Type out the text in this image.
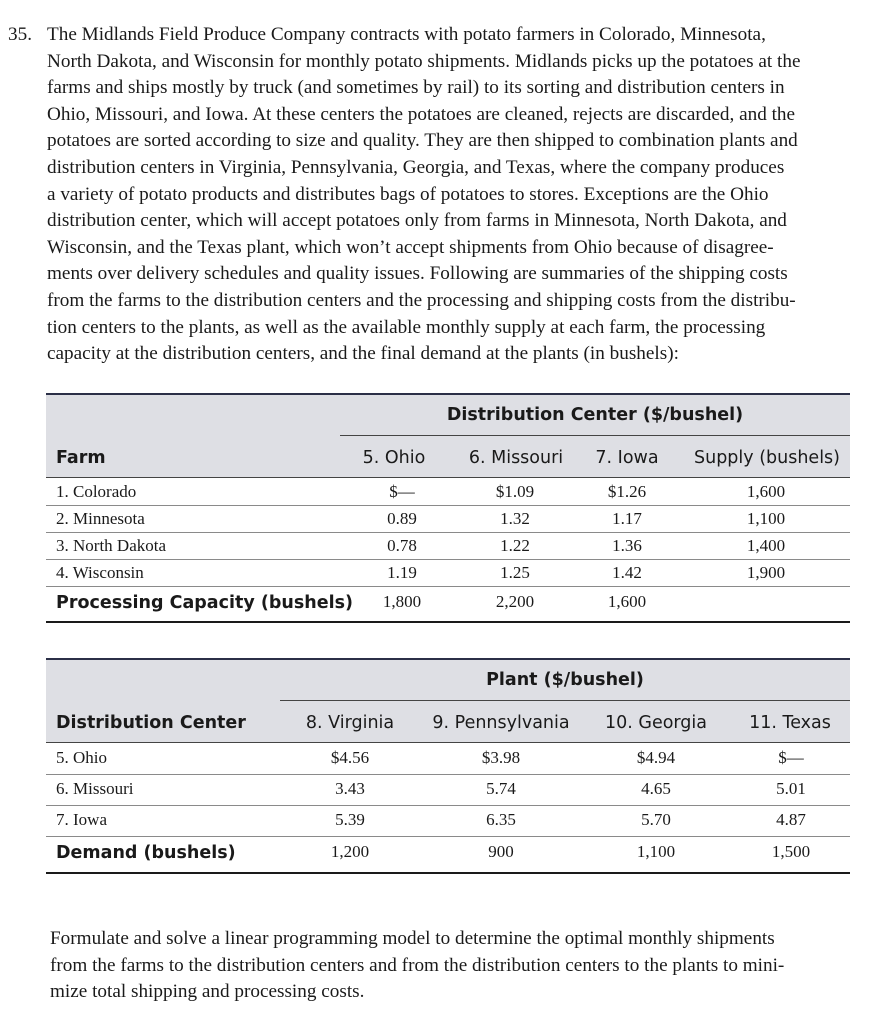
35. The Midlands Field Produce Company contracts with potato farmers in Colorado, Minnesota,
North Dakota, and Wisconsin for monthly potato shipments. Midlands picks up the potatoes at the
farms and ships mostly by truck (and sometimes by rail) to its sorting and distribution centers in
Ohio, Missouri, and Iowa. At these centers the potatoes are cleaned, rejects are discarded, and the
potatoes are sorted according to size and quality. They are then shipped to combination plants and
distribution centers in Virginia, Pennsylvania, Georgia, and Texas, where the company produces
a variety of potato products and distributes bags of potatoes to stores. Exceptions are the Ohio
distribution center, which will accept potatoes only from farms in Minnesota, North Dakota, and
Wisconsin, and the Texas plant, which won’t accept shipments from Ohio because of disagree-
ments over delivery schedules and quality issues. Following are summaries of the shipping costs
from the farms to the distribution centers and the processing and shipping costs from the distribu-
tion centers to the plants, as well as the available monthly supply at each farm, the processing
capacity at the distribution centers, and the final demand at the plants (in bushels):
Distribution Center ($/bushel)
Farm	5. Ohio 6. Missouri 7. Iowa Supply (bushels)
1. Colorado	$—	$1.09	$1.26	1,600
2. Minnesota	0.89	1.32	1.17	1,100
3. North Dakota	0.78	1.22	1.36	1,400
4. Wisconsin	1.19	1.25	1.42	1,900
Processing Capacity (bushels) 1,800	2,200	1,600
Plant ($/bushel)
Distribution Center	8. Virginia 9. Pennsylvania 10. Georgia 11. Texas
5. Ohio	$4.56	$3.98	$4.94	$—
6. Missouri	3.43	5.74	4.65	5.01
7. Iowa	5.39	6.35	5.70	4.87
Demand (bushels)	1,200	900	1,100	1,500
Formulate and solve a linear programming model to determine the optimal monthly shipments
from the farms to the distribution centers and from the distribution centers to the plants to mini-
mize total shipping and processing costs.
